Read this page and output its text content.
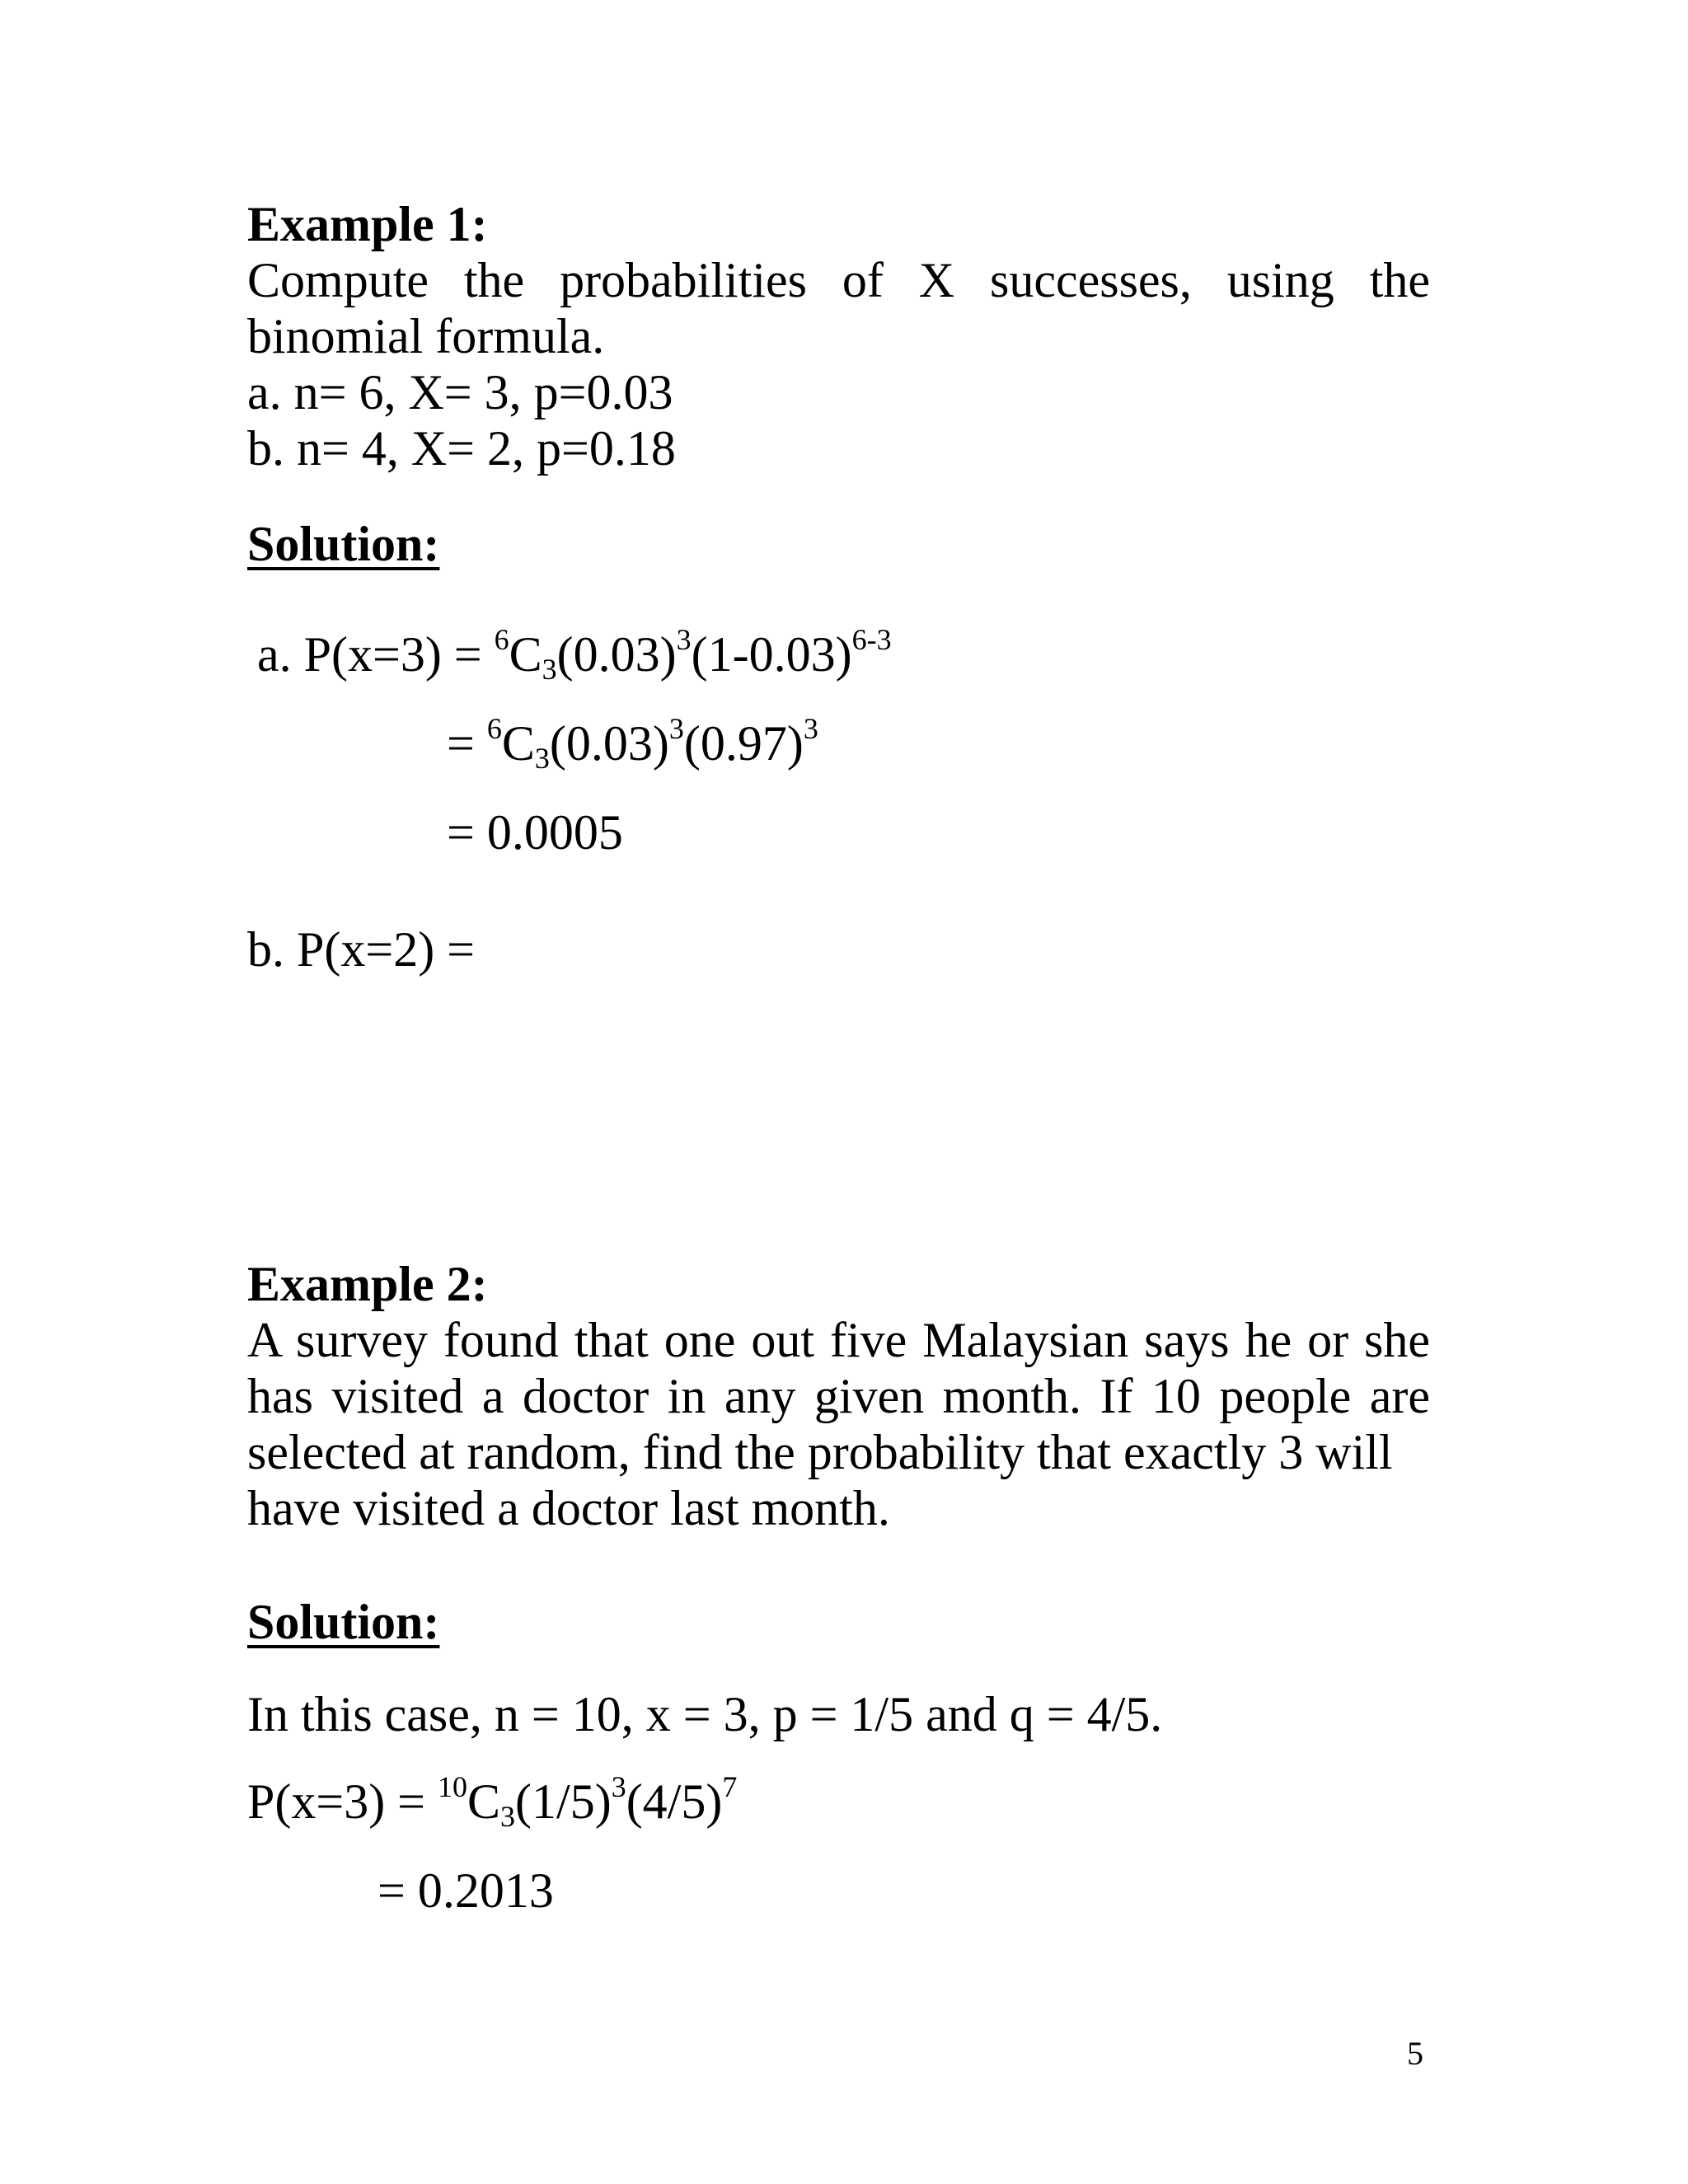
Example 1:
Compute the probabilities of X successes, using the
binomial formula.
a. n= 6, X= 3, p=0.03
b. n= 4, X= 2, p=0.18
Solution:
a. $P(x=3) = ^6C_3(0.03)^3(1-0.03)^{6-3}$
= $^6C_3(0.03)^3(0.97)^3$
= 0.0005
b. P(x=2) =
Example 2:
A survey found that one out five Malaysian says he or she has visited a doctor in any given month. If 10 people are selected at random, find the probability that exactly 3 will
have visited a doctor last month.
Solution:
In this case, n = 10, x = 3, p = 1/5 and q = 4/5.
$P(x=3) = ^{10}C_3(1/5)^3(4/5)^7$
= 0.2013
5
